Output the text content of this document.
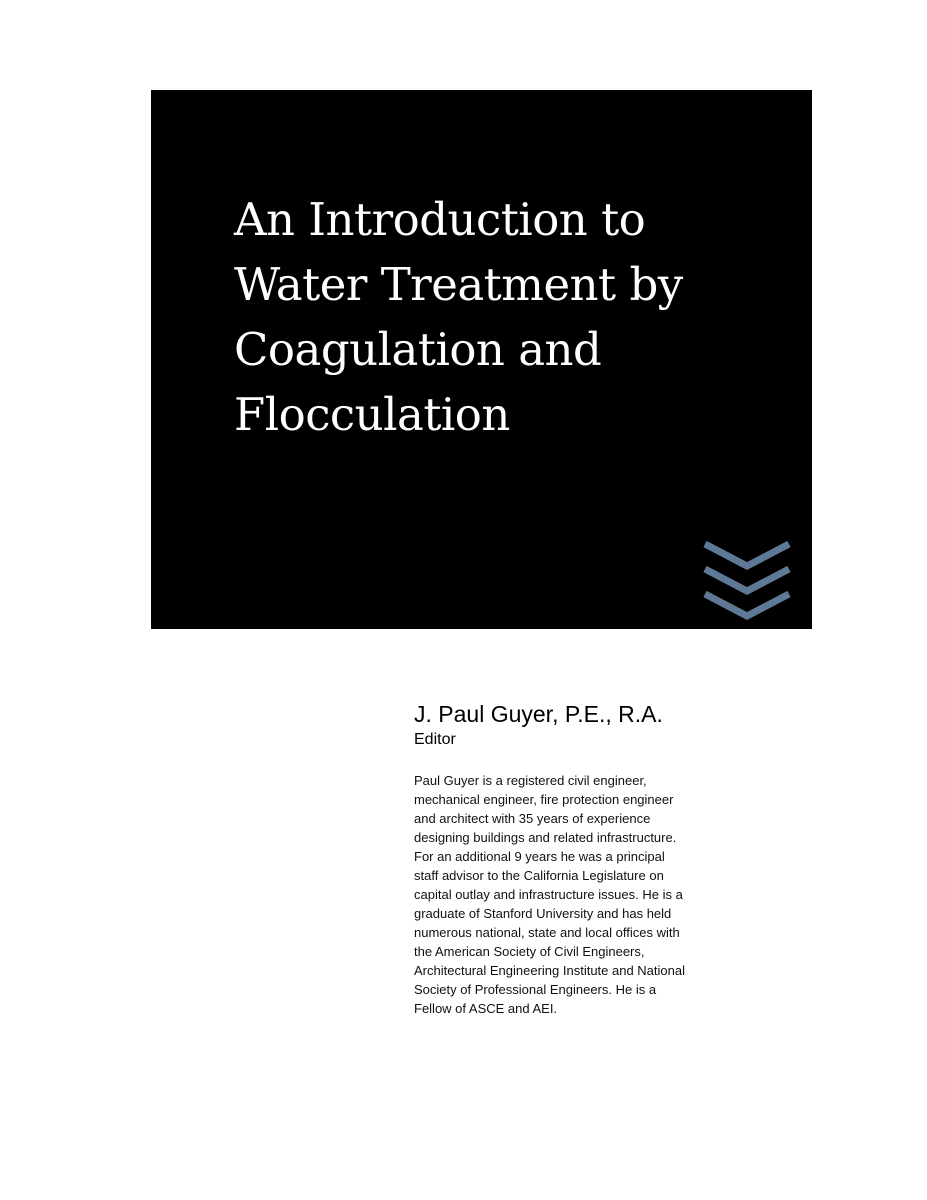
An Introduction to
Water Treatment by
Coagulation and
Flocculation
J. Paul Guyer, P.E., R.A.
Editor
Paul Guyer is a registered civil engineer,
mechanical engineer, fire protection engineer
and architect with 35 years of experience
designing buildings and related infrastructure.
For an additional 9 years he was a principal
staff advisor to the California Legislature on
capital outlay and infrastructure issues. He is a
graduate of Stanford University and has held
numerous national, state and local offices with
the American Society of Civil Engineers,
Architectural Engineering Institute and National
Society of Professional Engineers. He is a
Fellow of ASCE and AEI.
